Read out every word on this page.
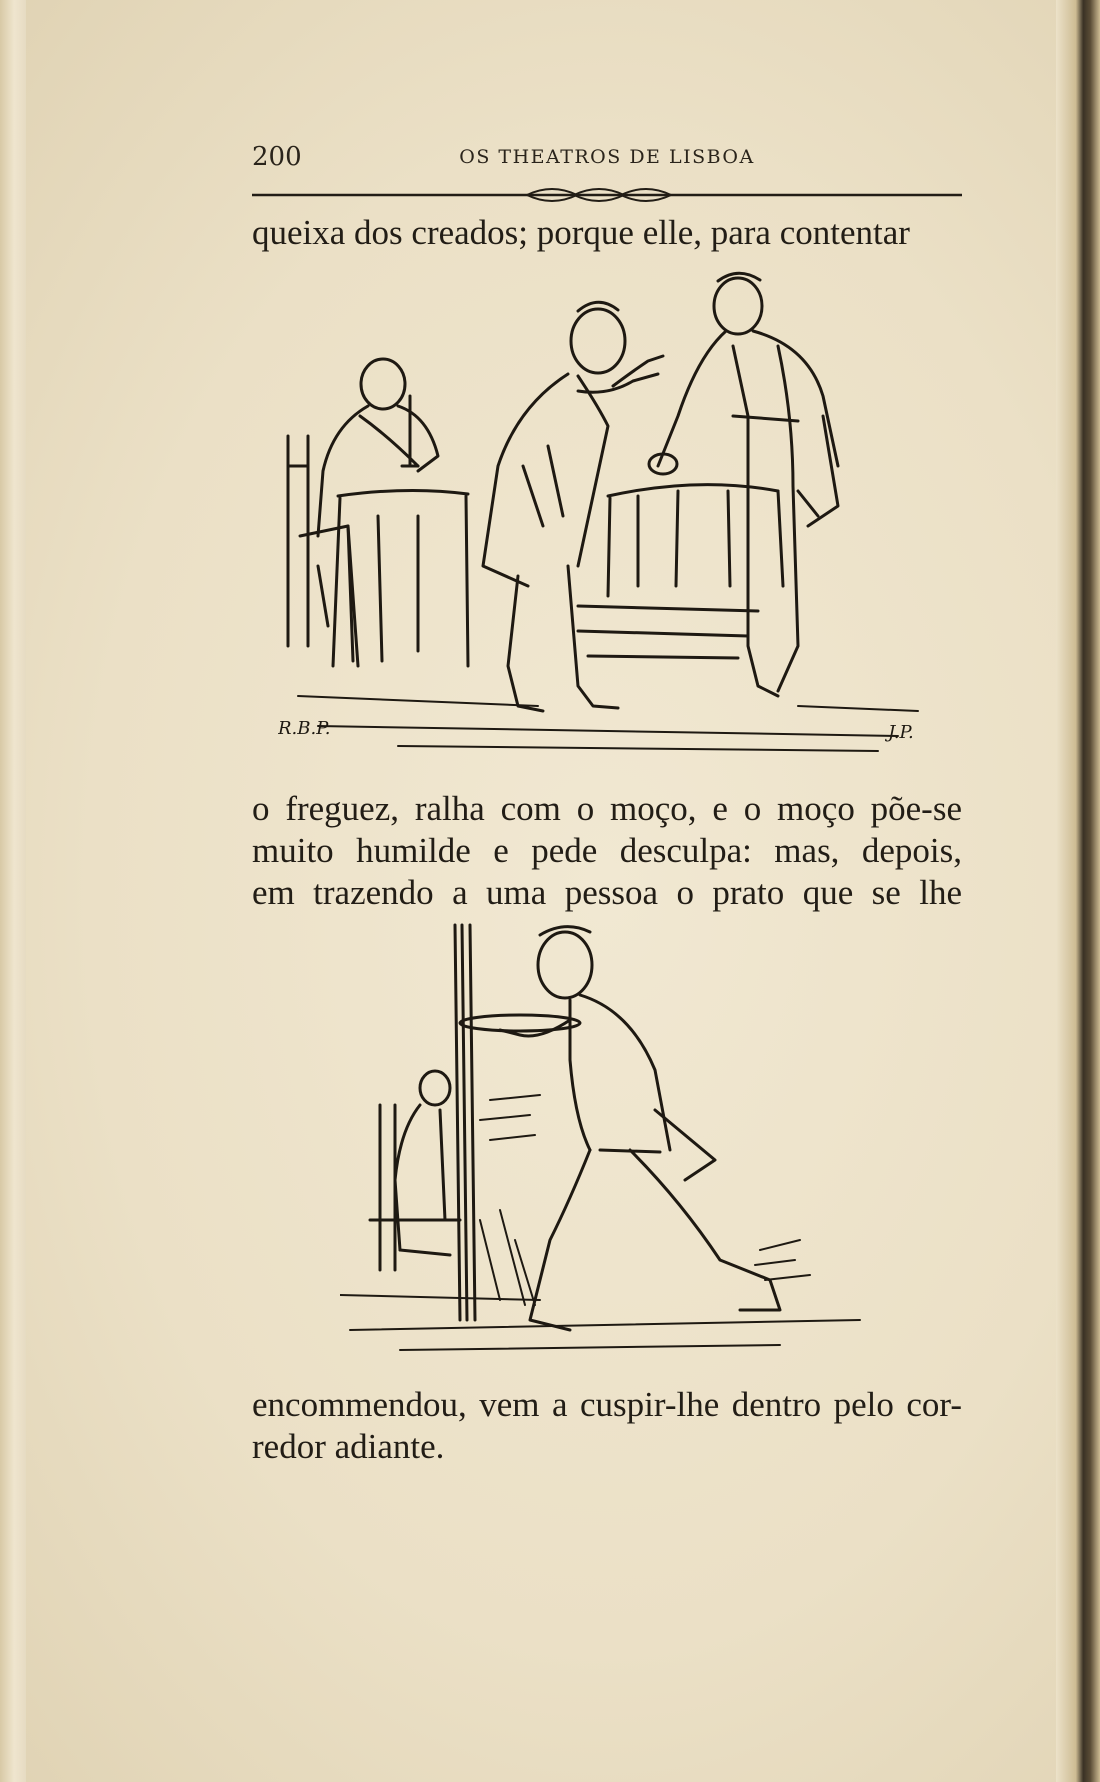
200	OS THEATROS DE LISBOA
queixa dos creados; porque elle, para contentar
R.B.P.	J.P.
o freguez, ralha com o moço, e o moço põe-se
muito humilde e pede desculpa: mas, depois,
em trazendo a uma pessoa o prato que se lhe
encommendou, vem a cuspir-lhe dentro pelo cor-
redor adiante.
